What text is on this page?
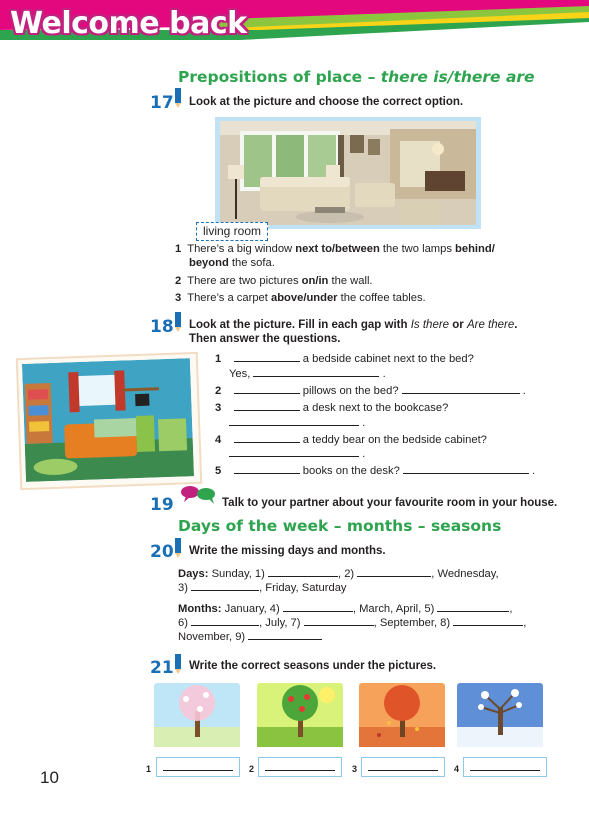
Welcome back
Prepositions of place – there is/there are
17 Look at the picture and choose the correct option.
living room
1 There’s a big window next to/between the two lamps behind/
beyond the sofa.
2 There are two pictures on/in the wall.
3 There’s a carpet above/under the coffee tables.
18 Look at the picture. Fill in each gap with Is there or Are there.
Then answer the questions.
1	a bedside cabinet next to the bed?
Yes,	.
2	pillows on the bed?	.
3	a desk next to the bookcase?
.
4	a teddy bear on the bedside cabinet?
.
5	books on the desk?	.
19	Talk to your partner about your favourite room in your house.
Days of the week – months – seasons
20 Write the missing days and months.
Days: Sunday, 1)	, 2)	, Wednesday,
3)	, Friday, Saturday
Months: January, 4)	, March, April, 5)	,
6)	, July, 7)	, September, 8)	,
November, 9)
21 Write the correct seasons under the pictures.
1	2	3	4
10
